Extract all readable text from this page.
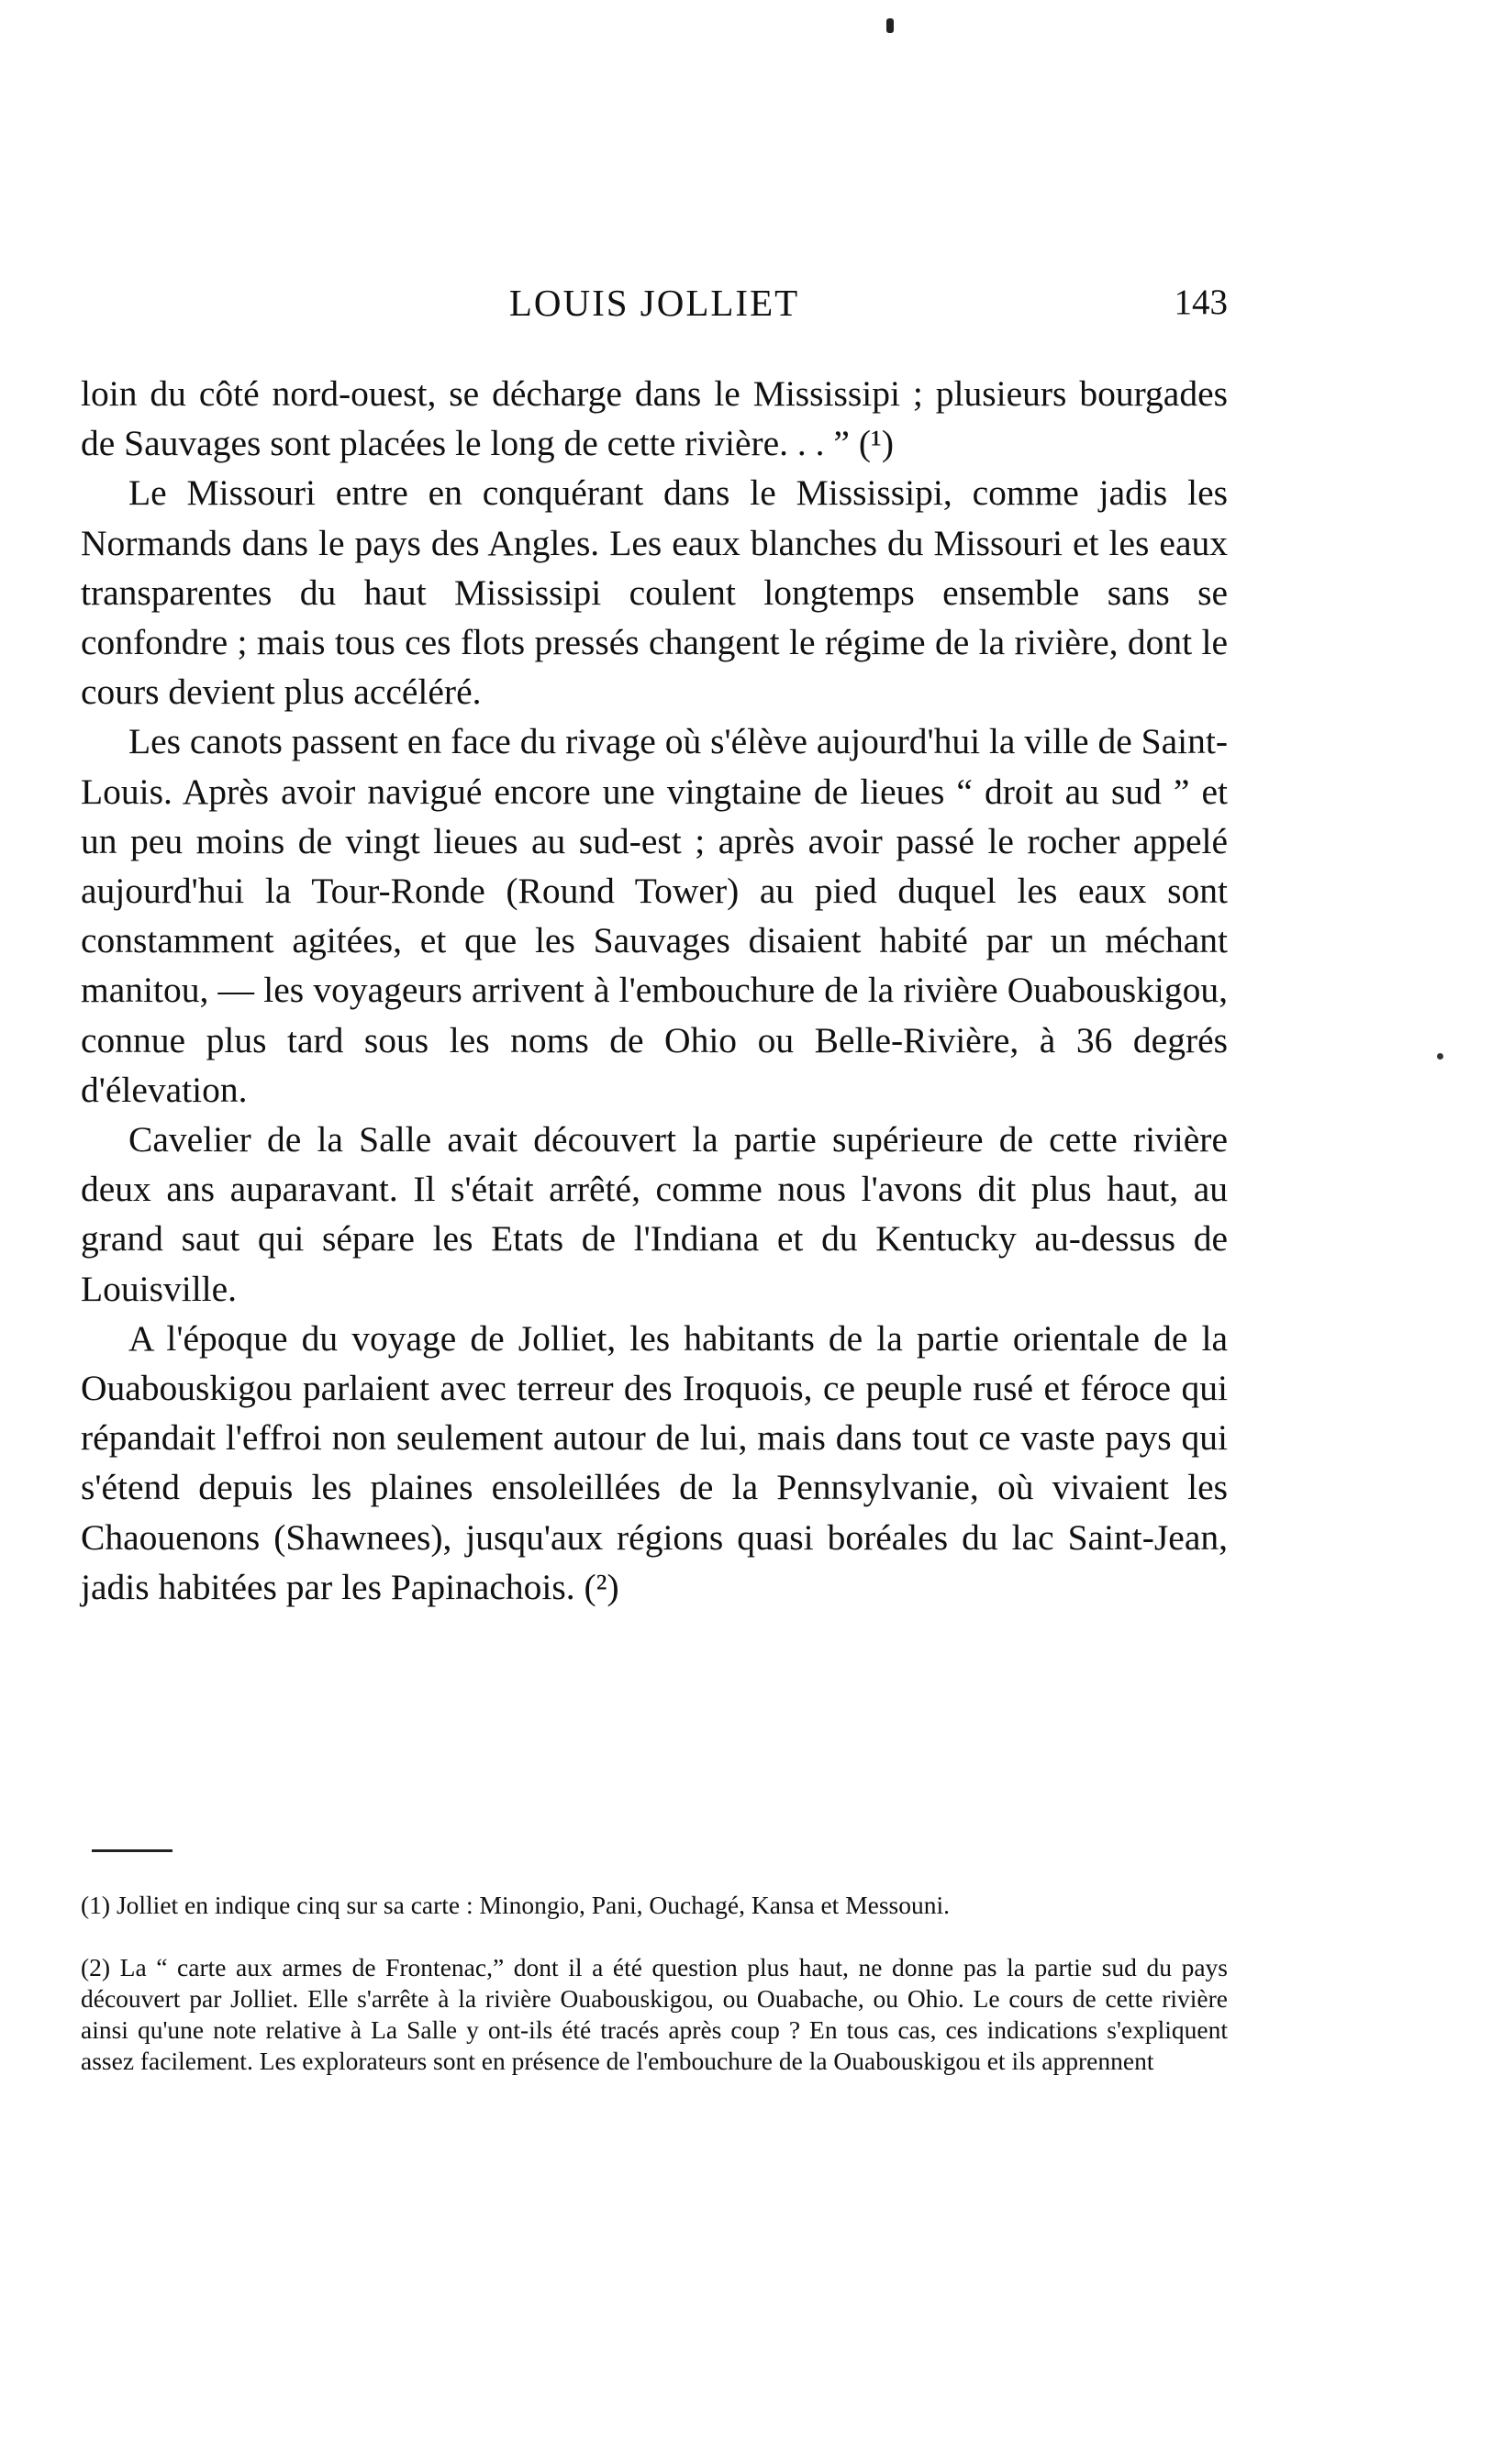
LOUIS JOLLIET	143

loin du côté nord-ouest, se décharge dans le Mississipi ; plusieurs bourgades de Sauvages sont placées le long de cette rivière. . . ” (¹)

Le Missouri entre en conquérant dans le Mississipi, comme jadis les Normands dans le pays des Angles. Les eaux blanches du Missouri et les eaux transparentes du haut Mississipi coulent longtemps ensemble sans se confondre ; mais tous ces flots pressés changent le régime de la rivière, dont le cours devient plus accéléré.

Les canots passent en face du rivage où s'élève aujourd'hui la ville de Saint-Louis. Après avoir navigué encore une vingtaine de lieues “ droit au sud ” et un peu moins de vingt lieues au sud-est ; après avoir passé le rocher appelé aujourd'hui la Tour-Ronde (Round Tower) au pied duquel les eaux sont constamment agitées, et que les Sauvages disaient habité par un méchant manitou, — les voyageurs arrivent à l'embouchure de la rivière Ouabouskigou, connue plus tard sous les noms de Ohio ou Belle-Rivière, à 36 degrés d'élevation.

Cavelier de la Salle avait découvert la partie supérieure de cette rivière deux ans auparavant. Il s'était arrêté, comme nous l'avons dit plus haut, au grand saut qui sépare les Etats de l'Indiana et du Kentucky au-dessus de Louisville.

A l'époque du voyage de Jolliet, les habitants de la partie orientale de la Ouabouskigou parlaient avec terreur des Iroquois, ce peuple rusé et féroce qui répandait l'effroi non seulement autour de lui, mais dans tout ce vaste pays qui s'étend depuis les plaines ensoleillées de la Pennsylvanie, où vivaient les Chaouenons (Shawnees), jusqu'aux régions quasi boréales du lac Saint-Jean, jadis habitées par les Papinachois. (²)

(1) Jolliet en indique cinq sur sa carte : Minongio, Pani, Ouchagé, Kansa et Messouni.

(2) La “ carte aux armes de Frontenac,” dont il a été question plus haut, ne donne pas la partie sud du pays découvert par Jolliet. Elle s'arrête à la rivière Ouabouskigou, ou Ouabache, ou Ohio. Le cours de cette rivière ainsi qu'une note relative à La Salle y ont-ils été tracés après coup ? En tous cas, ces indications s'expliquent assez facilement. Les explorateurs sont en présence de l'embouchure de la Ouabouskigou et ils apprennent
